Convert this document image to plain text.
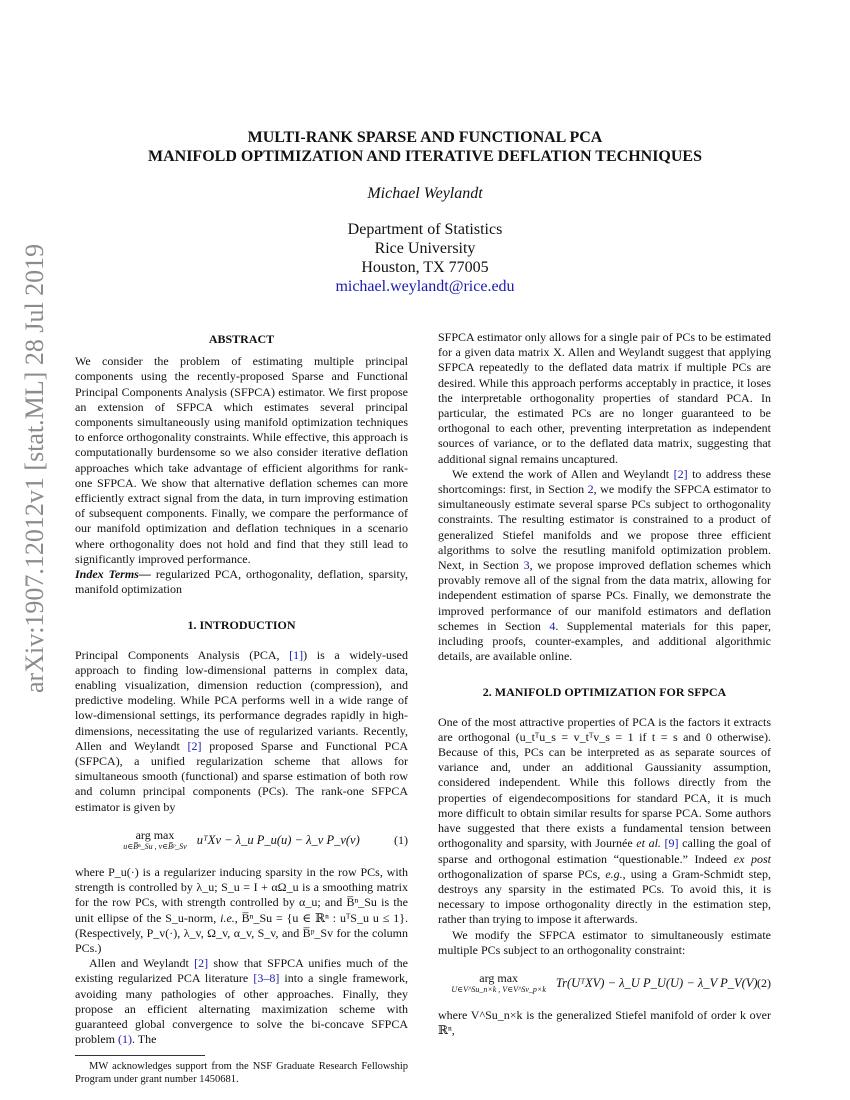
arXiv:1907.12012v1 [stat.ML] 28 Jul 2019
MULTI-RANK SPARSE AND FUNCTIONAL PCA
MANIFOLD OPTIMIZATION AND ITERATIVE DEFLATION TECHNIQUES
Michael Weylandt
Department of Statistics
Rice University
Houston, TX 77005
michael.weylandt@rice.edu
ABSTRACT

We consider the problem of estimating multiple principal components using the recently-proposed Sparse and Functional Principal Components Analysis (SFPCA) estimator. We first propose an extension of SFPCA which estimates several principal components simultaneously using manifold optimization techniques to enforce orthogonality constraints. While effective, this approach is computationally burdensome so we also consider iterative deflation approaches which take advantage of efficient algorithms for rank-one SFPCA. We show that alternative deflation schemes can more efficiently extract signal from the data, in turn improving estimation of subsequent components. Finally, we compare the performance of our manifold optimization and deflation techniques in a scenario where orthogonality does not hold and find that they still lead to significantly improved performance.

Index Terms— regularized PCA, orthogonality, deflation, sparsity, manifold optimization

1. INTRODUCTION

Principal Components Analysis (PCA, [1]) is a widely-used approach to finding low-dimensional patterns in complex data, enabling visualization, dimension reduction (compression), and predictive modeling. While PCA performs well in a wide range of low-dimensional settings, its performance degrades rapidly in high-dimensions, necessitating the use of regularized variants. Recently, Allen and Weylandt [2] proposed Sparse and Functional PCA (SFPCA), a unified regularization scheme that allows for simultaneous smooth (functional) and sparse estimation of both row and column principal components (PCs). The rank-one SFPCA estimator is given by

arg max
u∈B̅ⁿ_Su , v∈B̅ᵖ_Sv uᵀXv − λ_u P_u(u) − λ_v P_v(v)	(1)

where P_u(·) is a regularizer inducing sparsity in the row PCs, with strength is controlled by λ_u; S_u = I + αΩ_u is a smoothing matrix for the row PCs, with strength controlled by α_u; and B̅ⁿ_Su is the unit ellipse of the S_u-norm, i.e., B̅ⁿ_Su = {u ∈ ℝⁿ : uᵀS_u u ≤ 1}. (Respectively, P_v(·), λ_v, Ω_v, α_v, S_v, and B̅ᵖ_Sv for the column PCs.)

Allen and Weylandt [2] show that SFPCA unifies much of the existing regularized PCA literature [3–8] into a single framework, avoiding many pathologies of other approaches. Finally, they propose an efficient alternating maximization scheme with guaranteed global convergence to solve the bi-concave SFPCA problem (1). The

MW acknowledges support from the NSF Graduate Research Fellowship Program under grant number 1450681.

SFPCA estimator only allows for a single pair of PCs to be estimated for a given data matrix X. Allen and Weylandt suggest that applying SFPCA repeatedly to the deflated data matrix if multiple PCs are desired. While this approach performs acceptably in practice, it loses the interpretable orthogonality properties of standard PCA. In particular, the estimated PCs are no longer guaranteed to be orthogonal to each other, preventing interpretation as independent sources of variance, or to the deflated data matrix, suggesting that additional signal remains uncaptured.

We extend the work of Allen and Weylandt [2] to address these shortcomings: first, in Section 2, we modify the SFPCA estimator to simultaneously estimate several sparse PCs subject to orthogonality constraints. The resulting estimator is constrained to a product of generalized Stiefel manifolds and we propose three efficient algorithms to solve the resutling manifold optimization problem. Next, in Section 3, we propose improved deflation schemes which provably remove all of the signal from the data matrix, allowing for independent estimation of sparse PCs. Finally, we demonstrate the improved performance of our manifold estimators and deflation schemes in Section 4. Supplemental materials for this paper, including proofs, counter-examples, and additional algorithmic details, are available online.

2. MANIFOLD OPTIMIZATION FOR SFPCA

One of the most attractive properties of PCA is the factors it extracts are orthogonal (u_tᵀu_s = v_tᵀv_s = 1 if t = s and 0 otherwise). Because of this, PCs can be interpreted as as separate sources of variance and, under an additional Gaussianity assumption, considered independent. While this follows directly from the properties of eigendecompositions for standard PCA, it is much more difficult to obtain similar results for sparse PCA. Some authors have suggested that there exists a fundamental tension between orthogonality and sparsity, with Journée et al. [9] calling the goal of sparse and orthogonal estimation “questionable.” Indeed ex post orthogonalization of sparse PCs, e.g., using a Gram-Schmidt step, destroys any sparsity in the estimated PCs. To avoid this, it is necessary to impose orthogonality directly in the estimation step, rather than trying to impose it afterwards.

We modify the SFPCA estimator to simultaneously estimate multiple PCs subject to an orthogonality constraint:

arg max
U∈V^Su_n×k , V∈V^Sv_p×k Tr(UᵀXV) − λ_U P_U(U) − λ_V P_V(V) (2)

where V^Su_n×k is the generalized Stiefel manifold of order k over ℝⁿ,
